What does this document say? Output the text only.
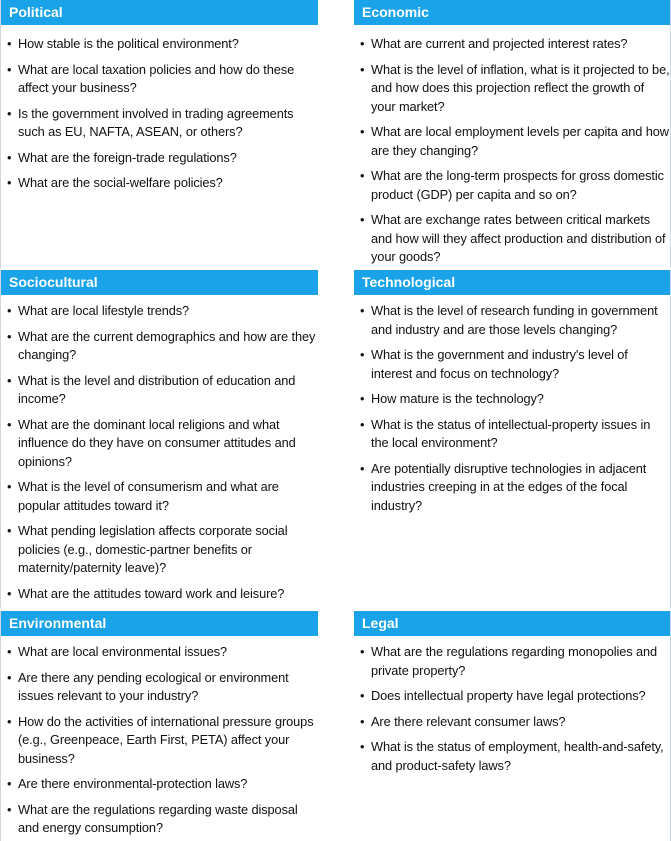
Political
• How stable is the political environment?
• What are local taxation policies and how do these affect your business?
• Is the government involved in trading agreements such as EU, NAFTA, ASEAN, or others?
• What are the foreign-trade regulations?
• What are the social-welfare policies?
Economic
• What are current and projected interest rates?
• What is the level of inflation, what is it projected to be, and how does this projection reflect the growth of your market?
• What are local employment levels per capita and how are they changing?
• What are the long-term prospects for gross domestic product (GDP) per capita and so on?
• What are exchange rates between critical markets and how will they affect production and distribution of your goods?
Sociocultural
• What are local lifestyle trends?
• What are the current demographics and how are they changing?
• What is the level and distribution of education and income?
• What are the dominant local religions and what influence do they have on consumer attitudes and opinions?
• What is the level of consumerism and what are popular attitudes toward it?
• What pending legislation affects corporate social policies (e.g., domestic-partner benefits or maternity/paternity leave)?
• What are the attitudes toward work and leisure?
Technological
• What is the level of research funding in government and industry and are those levels changing?
• What is the government and industry's level of interest and focus on technology?
• How mature is the technology?
• What is the status of intellectual-property issues in the local environment?
• Are potentially disruptive technologies in adjacent industries creeping in at the edges of the focal industry?
Environmental
• What are local environmental issues?
• Are there any pending ecological or environment issues relevant to your industry?
• How do the activities of international pressure groups (e.g., Greenpeace, Earth First, PETA) affect your business?
• Are there environmental-protection laws?
• What are the regulations regarding waste disposal and energy consumption?
Legal
• What are the regulations regarding monopolies and private property?
• Does intellectual property have legal protections?
• Are there relevant consumer laws?
• What is the status of employment, health-and-safety, and product-safety laws?
